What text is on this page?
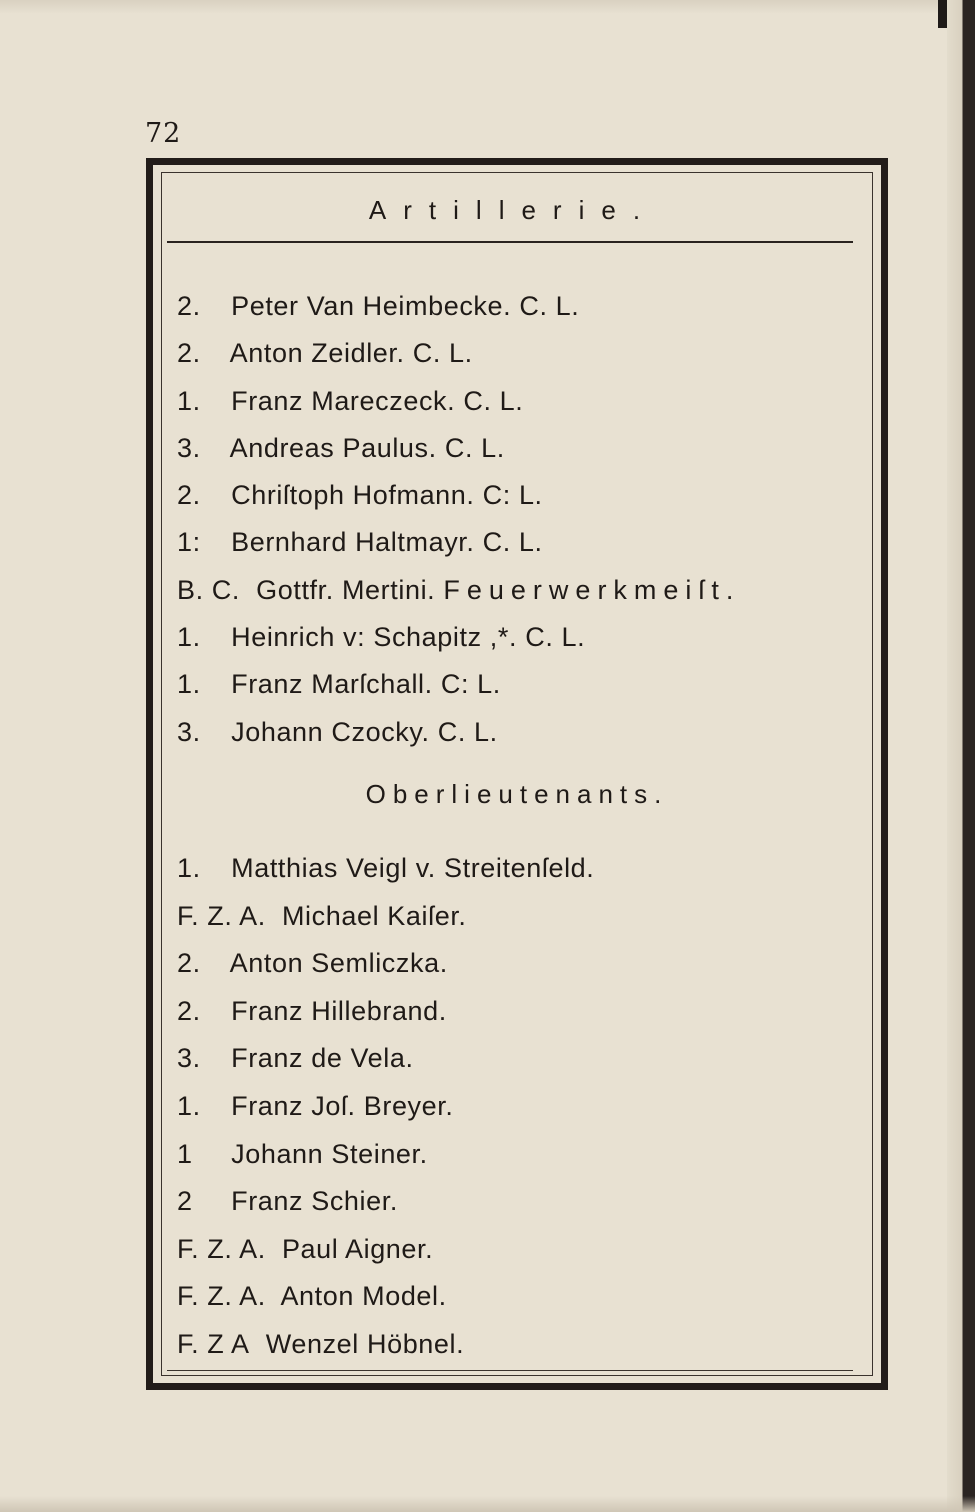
72
Artillerie.
2. Peter Van Heimbecke. C. L.
2. Anton Zeidler. C. L.
1. Franz Mareczeck. C. L.
3. Andreas Paulus. C. L.
2. Chriſtoph Hofmann. C: L.
1: Bernhard Haltmayr. C. L.
B. C. Gottfr. Mertini. Feuerwerkmeiſt.
1. Heinrich v: Schapitz ,*. C. L.
1. Franz Marſchall. C: L.
3. Johann Czocky. C. L.
Oberlieutenants.
1. Matthias Veigl v. Streitenſeld.
F. Z. A. Michael Kaiſer.
2. Anton Semliczka.
2. Franz Hillebrand.
3. Franz de Vela.
1. Franz Joſ. Breyer.
1 Johann Steiner.
2 Franz Schier.
F. Z. A. Paul Aigner.
F. Z. A. Anton Model.
F. Z A Wenzel Höbnel.
